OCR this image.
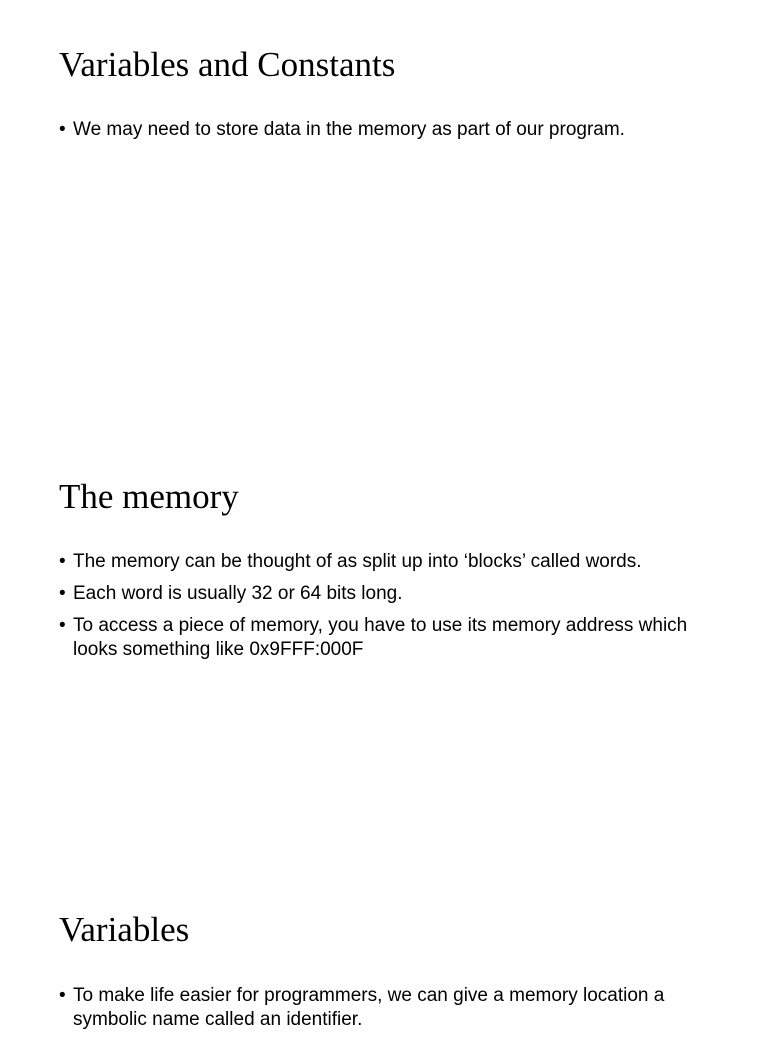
Variables and Constants
• We may need to store data in the memory as part of our program.
The memory
• The memory can be thought of as split up into ‘blocks’ called words.
• Each word is usually 32 or 64 bits long.
• To access a piece of memory, you have to use its memory address which looks something like 0x9FFF:000F
Variables
• To make life easier for programmers, we can give a memory location a symbolic name called an identifier.
